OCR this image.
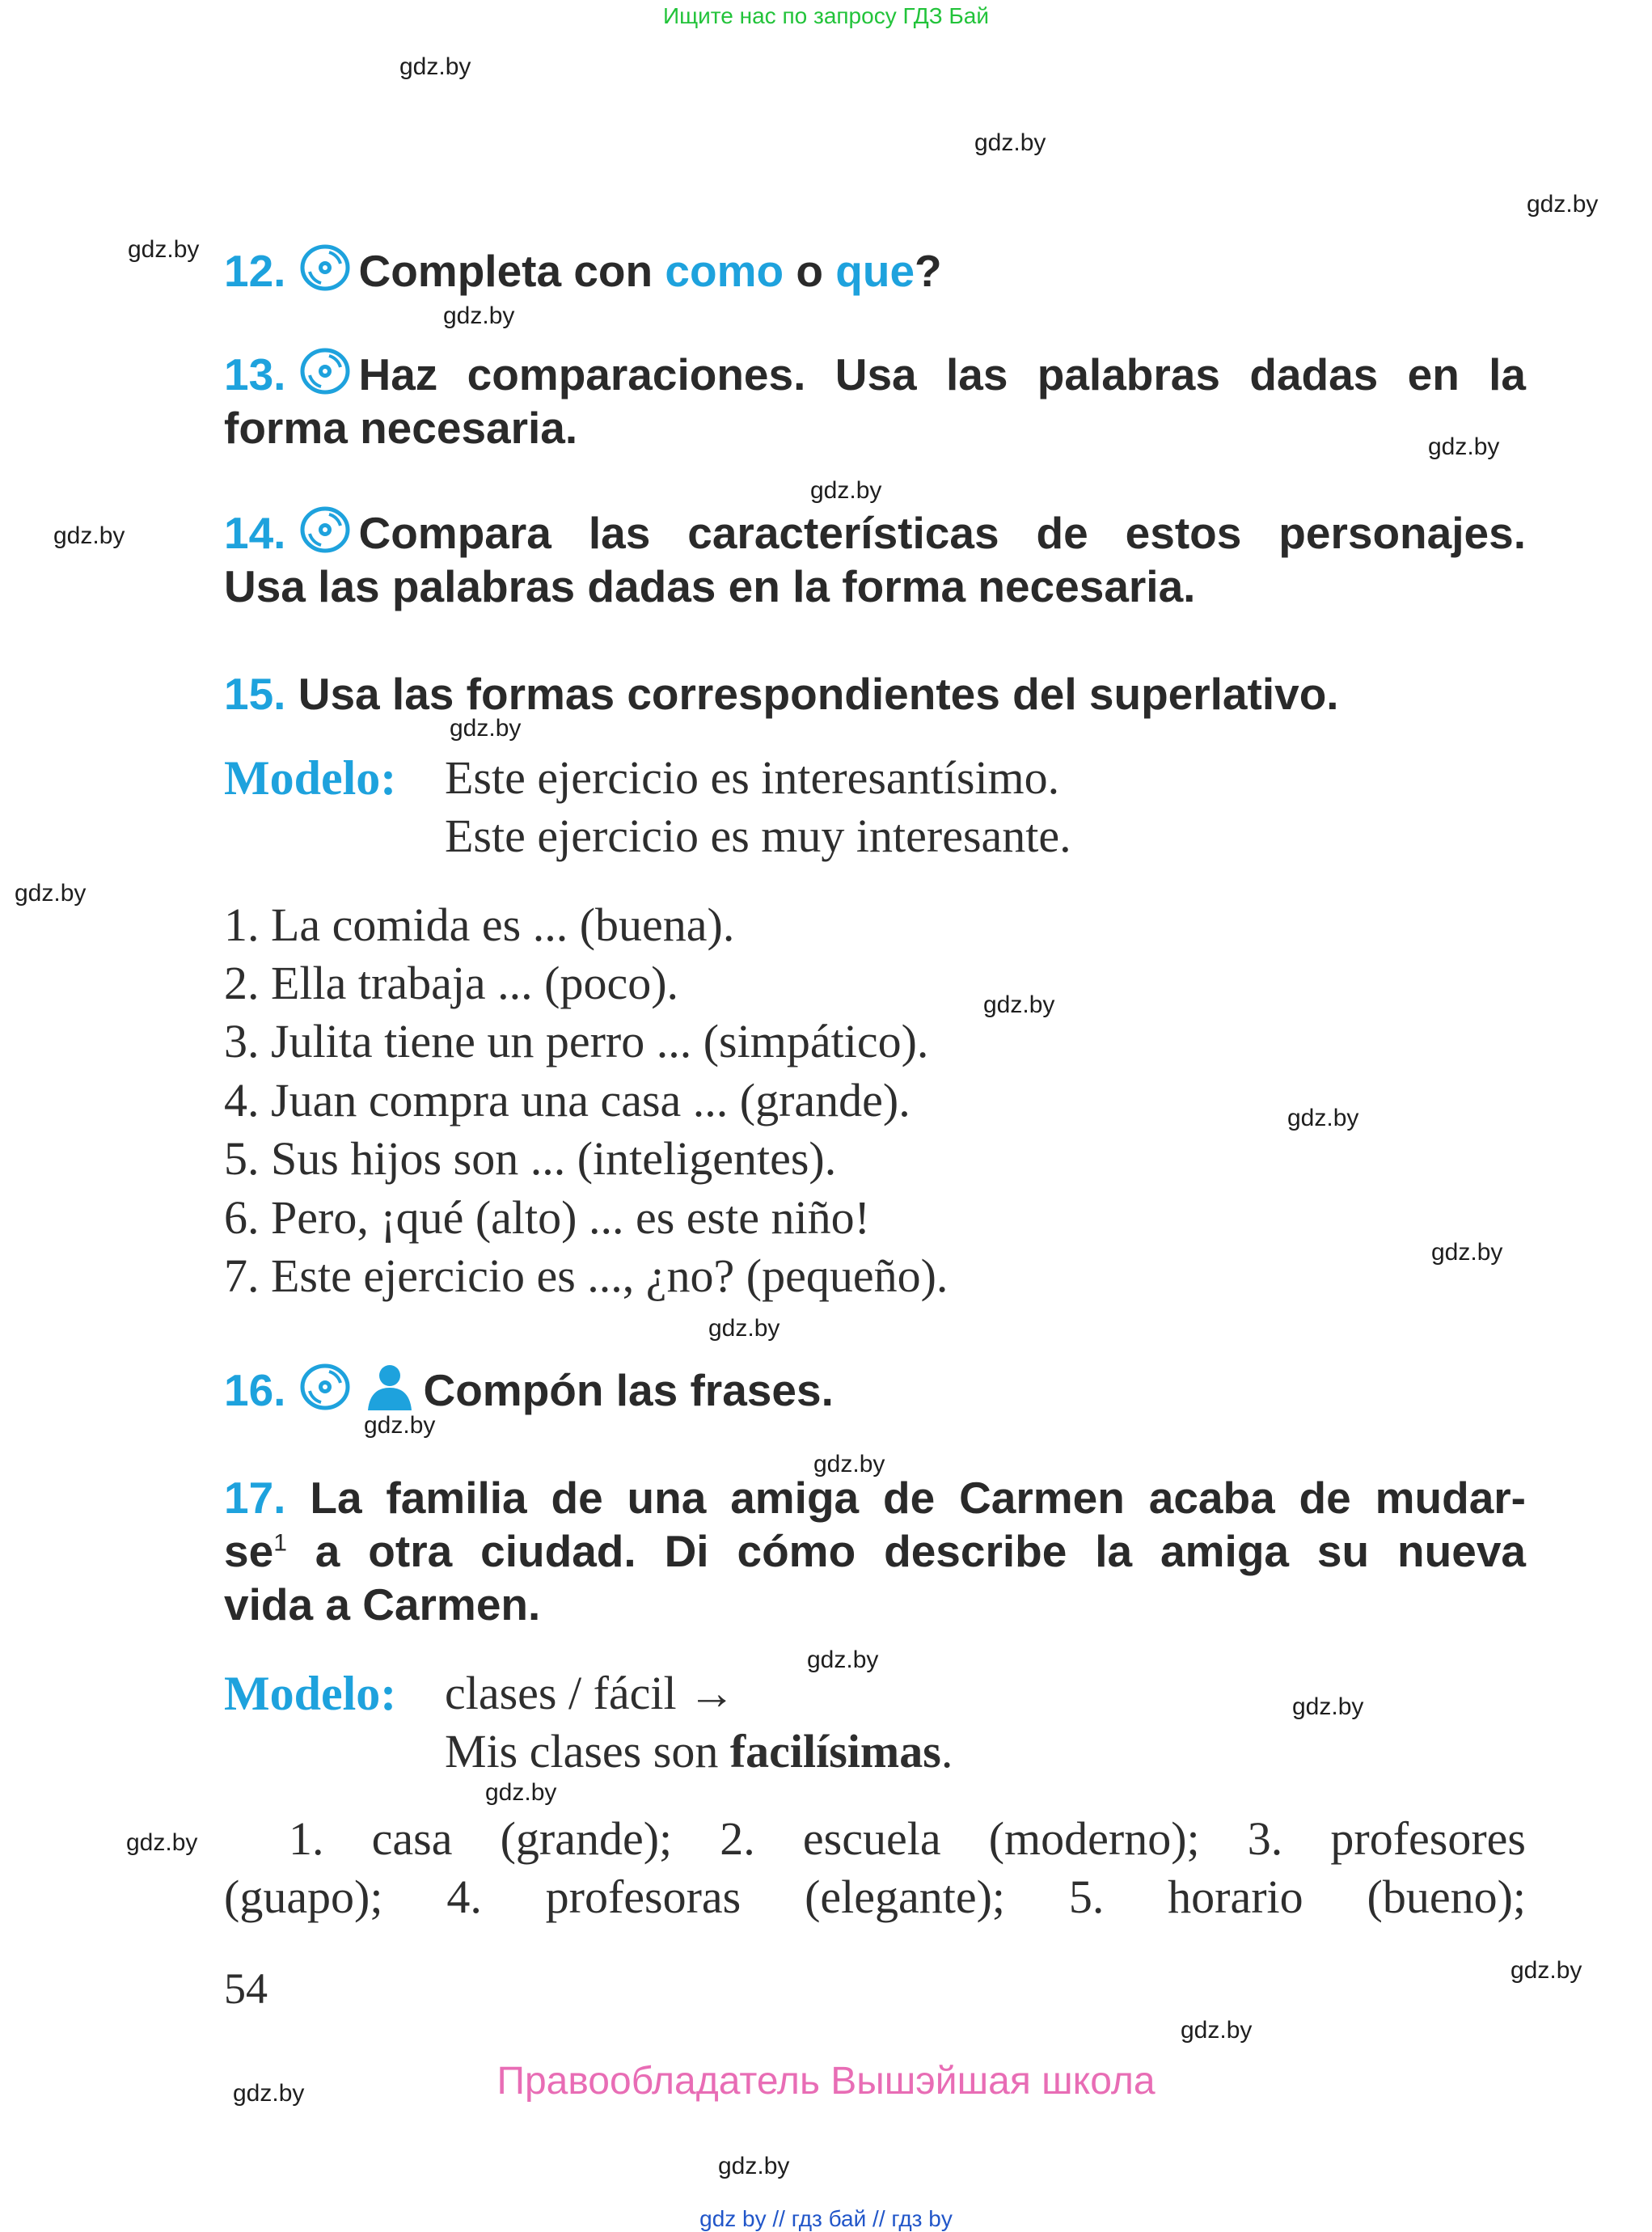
Ищите нас по запросу ГДЗ Бай
gdz.by
gdz.by
gdz.by
gdz.by
gdz.by
gdz.by
gdz.by
gdz.by
gdz.by
gdz.by
gdz.by
gdz.by
gdz.by
gdz.by
gdz.by
gdz.by
gdz.by
gdz.by
gdz.by
gdz.by
gdz.by
gdz.by
gdz.by
gdz.by
12. Completa con como o que?
13. Haz comparaciones. Usa las palabras dadas en la
forma necesaria.
14. Compara las características de estos personajes.
Usa las palabras dadas en la forma necesaria.
15. Usa las formas correspondientes del superlativo.
Modelo: Este ejercicio es interesantísimo.
Este ejercicio es muy interesante.
1. La comida es ... (buena).
2. Ella trabaja ... (poco).
3. Julita tiene un perro ... (simpático).
4. Juan compra una casa ... (grande).
5. Sus hijos son ... (inteligentes).
6. Pero, ¡qué (alto) ... es este niño!
7. Este ejercicio es ..., ¿no? (pequeño).
16.	Compón las frases.
17. La familia de una amiga de Carmen acaba de mudar-
$se^1$ a otra ciudad. Di cómo describe la amiga su nueva
vida a Carmen.
Modelo: clases / fácil →
Mis clases son facilísimas.
1. casa (grande); 2. escuela (moderno); 3. profesores
(guapo); 4. profesoras (elegante); 5. horario (bueno);
54
Правообладатель Вышэйшая школа
gdz by // гдз бай // гдз by
